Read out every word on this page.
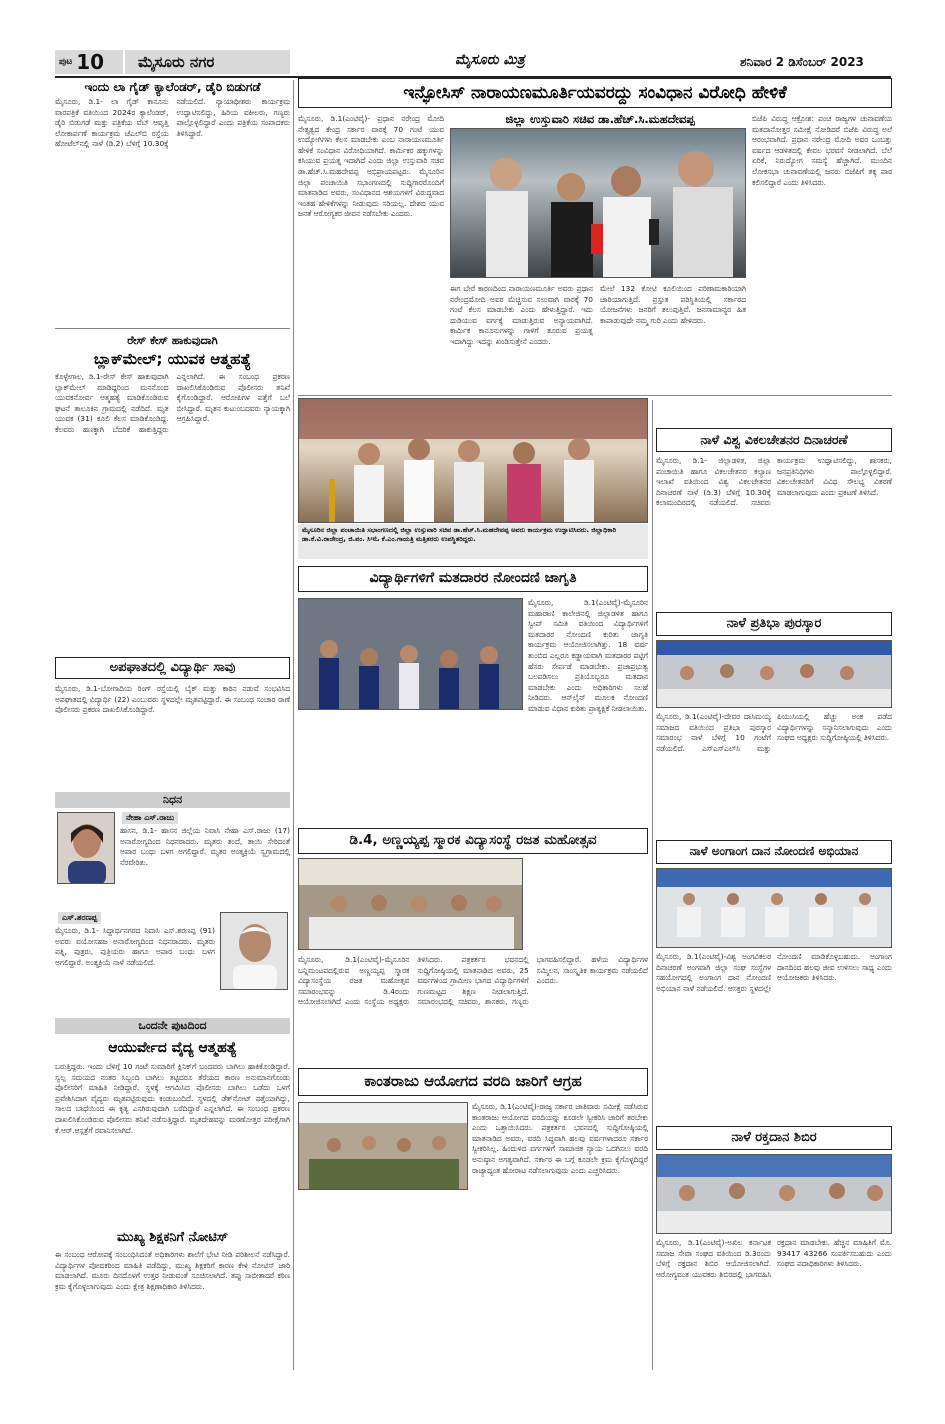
ಪುಟ 10 ಮೈಸೂರು ನಗರ	ಮೈಸೂರು ಮಿತ್ರ	ಶನಿವಾರ 2 ಡಿಸೆಂಬರ್ 2023
ಇನ್ಫೋಸಿಸ್ ನಾರಾಯಣಮೂರ್ತಿಯವರದ್ದು ಸಂವಿಧಾನ ವಿರೋಧಿ ಹೇಳಿಕೆ
ಮೈಸೂರು, ಡಿ.1(ಎಂಟಿವೈ)- ಪ್ರಧಾನ ನರೇಂದ್ರ ಮೋದಿ ನೇತೃತ್ವದ ಕೇಂದ್ರ ಸರ್ಕಾರ ವಾರಕ್ಕೆ 70 ಗಂಟೆ ಯುವ ಉದ್ಯೋಗಿಗಳು ಕೆಲಸ ಮಾಡಬೇಕು ಎಂಬ ನಾರಾಯಣಮೂರ್ತಿ ಹೇಳಿಕೆ ಸಂವಿಧಾನ ವಿರೋಧಿಯಾಗಿದೆ. ಕಾರ್ಮಿಕರ ಹಕ್ಕುಗಳನ್ನು ಕಸಿಯುವ ಪ್ರಯತ್ನ ಇದಾಗಿದೆ ಎಂದು ಜಿಲ್ಲಾ ಉಸ್ತುವಾರಿ ಸಚಿವ ಡಾ.ಹೆಚ್.ಸಿ.ಮಹದೇವಪ್ಪ ಅಭಿಪ್ರಾಯಪಟ್ಟರು. ಮೈಸೂರಿನ ಜಿಲ್ಲಾ ಪಂಚಾಯಿತಿ ಸಭಾಂಗಣದಲ್ಲಿ ಸುದ್ದಿಗಾರರೊಂದಿಗೆ ಮಾತನಾಡಿದ ಅವರು, ಸಂವಿಧಾನದ ಆಶಯಗಳಿಗೆ ವಿರುದ್ಧವಾದ ಇಂತಹ ಹೇಳಿಕೆಗಳನ್ನು ನೀಡುವುದು ಸರಿಯಲ್ಲ. ದೇಶದ ಯುವ ಜನತೆ ಆರೋಗ್ಯಕರ ಜೀವನ ನಡೆಸಬೇಕು ಎಂದರು.
ಜಿಲ್ಲಾ ಉಸ್ತುವಾರಿ ಸಚಿವ ಡಾ.ಹೆಚ್.ಸಿ.ಮಹದೇವಪ್ಪ
ಈಗ ಬೇರೆ ಕಾರಣದಿಂದ ನಾರಾಯಣಮೂರ್ತಿ ಅವರು ಪ್ರಧಾನ ನರೇಂದ್ರಮೋದಿ ಅವರ ಮೆಚ್ಚಿಸುವ ಸಲುವಾಗಿ ವಾರಕ್ಕೆ 70 ಗಂಟೆ ಕೆಲಸ ಮಾಡಬೇಕು ಎಂದು ಹೇಳುತ್ತಿದ್ದಾರೆ. ಇದು ದುಡಿಯುವ ವರ್ಗಕ್ಕೆ ಮಾಡುತ್ತಿರುವ ಅನ್ಯಾಯವಾಗಿದೆ. ಕಾರ್ಮಿಕ ಕಾನೂನುಗಳನ್ನು ಗಾಳಿಗೆ ತೂರುವ ಪ್ರಯತ್ನ ಇದಾಗಿದ್ದು ಇದನ್ನು ಖಂಡಿಸುತ್ತೇನೆ ಎಂದರು.
ಮೇಲೆ 132 ಕೋಟಿ ಕೂಲಿಯಿಂದ ಪರಿಣಾಮಕಾರಿಯಾಗಿ ಜಾರಿಯಾಗುತ್ತಿದೆ. ಪ್ರಸ್ತುತ ಪರಿಸ್ಥಿತಿಯಲ್ಲಿ ಸರ್ಕಾರದ ಯೋಜನೆಗಳು ಜನರಿಗೆ ತಲುಪುತ್ತಿವೆ. ಜನಸಾಮಾನ್ಯರ ಹಿತ ಕಾಪಾಡುವುದೇ ನಮ್ಮ ಗುರಿ ಎಂದು ಹೇಳಿದರು.
ಬಿಜೆಪಿ ವಿರುದ್ಧ ಆಕ್ರೋಶ: ಪಂಚ ರಾಜ್ಯಗಳ ಚುನಾವಣೆಯ ಮತದಾನೋತ್ತರ ಸಮೀಕ್ಷೆ ನೋಡಿದರೆ ಬಿಜೆಪಿ ವಿರುದ್ಧ ಅಲೆ ಆರಂಭವಾಗಿದೆ. ಪ್ರಧಾನ ನರೇಂದ್ರ ಮೋದಿ ಅವರ ಒಂಬತ್ತು ವರ್ಷದ ಆಡಳಿತದಲ್ಲಿ ಕೇವಲ ಭರವಸೆ ನೀಡಲಾಗಿದೆ. ಬೆಲೆ ಏರಿಕೆ, ನಿರುದ್ಯೋಗ ಸಮಸ್ಯೆ ಹೆಚ್ಚಾಗಿದೆ. ಮುಂದಿನ ಲೋಕಸಭಾ ಚುನಾವಣೆಯಲ್ಲಿ ಜನರು ಬಿಜೆಪಿಗೆ ತಕ್ಕ ಪಾಠ ಕಲಿಸಲಿದ್ದಾರೆ ಎಂದು ತಿಳಿಸಿದರು.
ಮೈಸೂರಿನ ಜಿಲ್ಲಾ ಪಂಚಾಯಿತಿ ಸಭಾಂಗಣದಲ್ಲಿ ಜಿಲ್ಲಾ ಉಸ್ತುವಾರಿ ಸಚಿವ ಡಾ.ಹೆಚ್.ಸಿ.ಮಹದೇವಪ್ಪ ಅವರು ಕಾರ್ಯಕ್ರಮ ಉದ್ಘಾಟಿಸಿದರು. ಜಿಲ್ಲಾಧಿಕಾರಿ ಡಾ.ಕೆ.ವಿ.ರಾಜೇಂದ್ರ, ಜಿ.ಪಂ. ಸಿಇಓ ಕೆ.ಎಂ.ಗಾಯತ್ರಿ ಮತ್ತಿತರರು ಉಪಸ್ಥಿತರಿದ್ದರು.
ಇಂದು ಲಾ ಗೈಡ್ ಕ್ಯಾಲೆಂಡರ್, ಡೈರಿ ಬಿಡುಗಡೆ
ಮೈಸೂರು, ಡಿ.1- ಲಾ ಗೈಡ್ ಕಾನೂನು ವಾರಪತ್ರಿಕೆ ವತಿಯಿಂದ 2024ರ ಕ್ಯಾಲೆಂಡರ್, ಡೈರಿ ಬಿಡುಗಡೆ ಮತ್ತು ಪತ್ರಿಕೆಯ ವೆಬ್ ಆವೃತ್ತಿ ಲೋಕಾರ್ಪಣೆ ಕಾರ್ಯಕ್ರಮ ಜೆಎಲ್‌ಬಿ ರಸ್ತೆಯ ಹೋಟೆಲ್‌ನಲ್ಲಿ ನಾಳೆ (ಡಿ.2) ಬೆಳಿಗ್ಗೆ 10.30ಕ್ಕೆ ನಡೆಯಲಿದೆ. ನ್ಯಾಯಾಧೀಶರು ಕಾರ್ಯಕ್ರಮ ಉದ್ಘಾಟಿಸಲಿದ್ದು, ಹಿರಿಯ ವಕೀಲರು, ಗಣ್ಯರು ಪಾಲ್ಗೊಳ್ಳಲಿದ್ದಾರೆ ಎಂದು ಪತ್ರಿಕೆಯ ಸಂಪಾದಕರು ತಿಳಿಸಿದ್ದಾರೆ.
ರೇಸ್ ಕೇಸ್ ಹಾಕುವುದಾಗಿ
ಬ್ಲಾಕ್‌ಮೇಲ್; ಯುವಕ ಆತ್ಮಹತ್ಯೆ
ಕೊಳ್ಳೇಗಾಲ, ಡಿ.1-ರೇಸ್ ಕೇಸ್ ಹಾಕುವುದಾಗಿ ಬ್ಲಾಕ್‌ಮೇಲ್ ಮಾಡಿದ್ದರಿಂದ ಮನನೊಂದ ಯುವಕನೋರ್ವ ಆತ್ಮಹತ್ಯೆ ಮಾಡಿಕೊಂಡಿರುವ ಘಟನೆ ತಾಲೂಕಿನ ಗ್ರಾಮದಲ್ಲಿ ನಡೆದಿದೆ. ಮೃತ ಯುವಕ (31) ಕೂಲಿ ಕೆಲಸ ಮಾಡಿಕೊಂಡಿದ್ದ. ಕೆಲವರು ಹಣಕ್ಕಾಗಿ ಬೆದರಿಕೆ ಹಾಕುತ್ತಿದ್ದರು ಎನ್ನಲಾಗಿದೆ. ಈ ಸಂಬಂಧ ಪ್ರಕರಣ ದಾಖಲಿಸಿಕೊಂಡಿರುವ ಪೊಲೀಸರು ತನಿಖೆ ಕೈಗೊಂಡಿದ್ದಾರೆ. ಆರೋಪಿಗಳ ಪತ್ತೆಗೆ ಬಲೆ ಬೀಸಿದ್ದಾರೆ. ಮೃತನ ಕುಟುಂಬದವರು ನ್ಯಾಯಕ್ಕಾಗಿ ಆಗ್ರಹಿಸಿದ್ದಾರೆ.
ಅಪಘಾತದಲ್ಲಿ ವಿದ್ಯಾರ್ಥಿ ಸಾವು
ಮೈಸೂರು, ಡಿ.1-ಬೋಗಾದಿಯ ರಿಂಗ್ ರಸ್ತೆಯಲ್ಲಿ ಬೈಕ್ ಮತ್ತು ಕಾರಿನ ನಡುವೆ ಸಂಭವಿಸಿದ ಅಪಘಾತದಲ್ಲಿ ವಿದ್ಯಾರ್ಥಿ (22) ಎಂಬುವರು ಸ್ಥಳದಲ್ಲೇ ಮೃತಪಟ್ಟಿದ್ದಾರೆ. ಈ ಸಂಬಂಧ ಸಂಚಾರ ಠಾಣೆ ಪೊಲೀಸರು ಪ್ರಕರಣ ದಾಖಲಿಸಿಕೊಂಡಿದ್ದಾರೆ.
ನಿಧನ
ನೇಹಾ ಎಸ್.ರಾಜು
ಹಾಸನ, ಡಿ.1- ಹಾಸನ ಜಿಲ್ಲೆಯ ನಿವಾಸಿ ನೇಹಾ ಎಸ್.ರಾಜು (17) ಅನಾರೋಗ್ಯದಿಂದ ನಿಧನರಾದರು. ಮೃತರು ತಂದೆ, ತಾಯಿ ಸೇರಿದಂತೆ ಅಪಾರ ಬಂಧು ಬಳಗ ಅಗಲಿದ್ದಾರೆ. ಮೃತರ ಅಂತ್ಯಕ್ರಿಯೆ ಸ್ವಗ್ರಾಮದಲ್ಲಿ ನೆರವೇರಿತು.
ಎಸ್.ಶರಣಪ್ಪ
ಮೈಸೂರು, ಡಿ.1- ಸಿದ್ದಾರ್ಥನಗರದ ನಿವಾಸಿ ಎಸ್.ಶರಣಪ್ಪ (91) ಅವರು ವಯೋಸಹಜ ಅನಾರೋಗ್ಯದಿಂದ ನಿಧನರಾದರು. ಮೃತರು ಪತ್ನಿ, ಪುತ್ರರು, ಪುತ್ರಿಯರು ಹಾಗೂ ಅಪಾರ ಬಂಧು ಬಳಗ ಅಗಲಿದ್ದಾರೆ. ಅಂತ್ಯಕ್ರಿಯೆ ನಾಳೆ ನಡೆಯಲಿದೆ.
ಒಂದನೇ ಪುಟದಿಂದ
ಆಯುರ್ವೇದ ವೈದ್ಯ ಆತ್ಮಹತ್ಯೆ
ಬರುತ್ತಿದ್ದರು. ಇಂದು ಬೆಳಿಗ್ಗೆ 10 ಗಂಟೆ ಸುಮಾರಿಗೆ ಕ್ಲಿನಿಕ್‌ಗೆ ಬಂದವರು ಬಾಗಿಲು ಹಾಕಿಕೊಂಡಿದ್ದಾರೆ. ಸ್ವಲ್ಪ ಸಮಯದ ನಂತರ ಸಿಬ್ಬಂದಿ ಬಾಗಿಲು ತಟ್ಟಿದರೂ ತೆರೆಯದ ಕಾರಣ ಅನುಮಾನಗೊಂಡು ಪೊಲೀಸರಿಗೆ ಮಾಹಿತಿ ನೀಡಿದ್ದಾರೆ. ಸ್ಥಳಕ್ಕೆ ಆಗಮಿಸಿದ ಪೊಲೀಸರು ಬಾಗಿಲು ಒಡೆದು ಒಳಗೆ ಪ್ರವೇಶಿಸಿದಾಗ ವೈದ್ಯರು ಮೃತಪಟ್ಟಿರುವುದು ಕಂಡುಬಂದಿದೆ. ಸ್ಥಳದಲ್ಲಿ ಡೆತ್‌ನೋಟ್ ಪತ್ತೆಯಾಗಿದ್ದು, ಸಾಲದ ಬಾಧೆಯಿಂದ ಈ ಕೃತ್ಯ ಎಸಗಿರುವುದಾಗಿ ಬರೆದಿದ್ದಾರೆ ಎನ್ನಲಾಗಿದೆ. ಈ ಸಂಬಂಧ ಪ್ರಕರಣ ದಾಖಲಿಸಿಕೊಂಡಿರುವ ಪೊಲೀಸರು ತನಿಖೆ ನಡೆಸುತ್ತಿದ್ದಾರೆ. ಮೃತದೇಹವನ್ನು ಮರಣೋತ್ತರ ಪರೀಕ್ಷೆಗಾಗಿ ಕೆ.ಆರ್.ಆಸ್ಪತ್ರೆಗೆ ರವಾನಿಸಲಾಗಿದೆ.
ಮುಖ್ಯ ಶಿಕ್ಷಕನಿಗೆ ನೋಟಿಸ್
ಈ ಸಂಬಂಧ ಆರೋಪಕ್ಕೆ ಸಂಬಂಧಿಸಿದಂತೆ ಅಧಿಕಾರಿಗಳು ಶಾಲೆಗೆ ಭೇಟಿ ನೀಡಿ ಪರಿಶೀಲನೆ ನಡೆಸಿದ್ದಾರೆ. ವಿದ್ಯಾರ್ಥಿಗಳ ಪೋಷಕರಿಂದ ಮಾಹಿತಿ ಪಡೆದಿದ್ದು, ಮುಖ್ಯ ಶಿಕ್ಷಕರಿಗೆ ಕಾರಣ ಕೇಳಿ ನೋಟಿಸ್ ಜಾರಿ ಮಾಡಲಾಗಿದೆ. ಮೂರು ದಿನದೊಳಗೆ ಉತ್ತರ ನೀಡುವಂತೆ ಸೂಚಿಸಲಾಗಿದೆ. ತಪ್ಪು ಸಾಬೀತಾದರೆ ಕಠಿಣ ಕ್ರಮ ಕೈಗೊಳ್ಳಲಾಗುವುದು ಎಂದು ಕ್ಷೇತ್ರ ಶಿಕ್ಷಣಾಧಿಕಾರಿ ತಿಳಿಸಿದರು.
ವಿದ್ಯಾರ್ಥಿಗಳಿಗೆ ಮತದಾರರ ನೋಂದಣಿ ಜಾಗೃತಿ
ಮೈಸೂರು, ಡಿ.1(ಎಂಟಿವೈ)-ಮೈಸೂರಿನ ಮಹಾರಾಣಿ ಕಾಲೇಜಿನಲ್ಲಿ ಜಿಲ್ಲಾಡಳಿತ ಹಾಗೂ ಸ್ವೀಪ್ ಸಮಿತಿ ವತಿಯಿಂದ ವಿದ್ಯಾರ್ಥಿಗಳಿಗೆ ಮತದಾರರ ನೋಂದಣಿ ಕುರಿತು ಜಾಗೃತಿ ಕಾರ್ಯಕ್ರಮ ಆಯೋಜಿಸಲಾಗಿತ್ತು. 18 ವರ್ಷ ತುಂಬಿದ ಎಲ್ಲರೂ ಕಡ್ಡಾಯವಾಗಿ ಮತದಾರರ ಪಟ್ಟಿಗೆ ಹೆಸರು ಸೇರ್ಪಡೆ ಮಾಡಬೇಕು. ಪ್ರಜಾಪ್ರಭುತ್ವ ಬಲಪಡಿಸಲು ಪ್ರತಿಯೊಬ್ಬರೂ ಮತದಾನ ಮಾಡಬೇಕು ಎಂದು ಅಧಿಕಾರಿಗಳು ಸಲಹೆ ನೀಡಿದರು. ಆನ್‌ಲೈನ್ ಮೂಲಕ ನೋಂದಣಿ ಮಾಡುವ ವಿಧಾನ ಕುರಿತು ಪ್ರಾತ್ಯಕ್ಷಿಕೆ ನೀಡಲಾಯಿತು.
ಡಿ.4, ಅಣ್ಣಯ್ಯಪ್ಪ ಸ್ಮಾರಕ ವಿದ್ಯಾಸಂಸ್ಥೆ ರಜತ ಮಹೋತ್ಸವ
ಮೈಸೂರು, ಡಿ.1(ಎಂಟಿವೈ)-ಮೈಸೂರಿನ ಬನ್ನಿಮಂಟಪದಲ್ಲಿರುವ ಅಣ್ಣಯ್ಯಪ್ಪ ಸ್ಮಾರಕ ವಿದ್ಯಾಸಂಸ್ಥೆಯ ರಜತ ಮಹೋತ್ಸವ ಸಮಾರಂಭವನ್ನು ಡಿ.4ರಂದು ಆಯೋಜಿಸಲಾಗಿದೆ ಎಂದು ಸಂಸ್ಥೆಯ ಅಧ್ಯಕ್ಷರು ತಿಳಿಸಿದರು. ಪತ್ರಕರ್ತರ ಭವನದಲ್ಲಿ ಸುದ್ದಿಗೋಷ್ಠಿಯಲ್ಲಿ ಮಾತನಾಡಿದ ಅವರು, 25 ವರ್ಷಗಳಿಂದ ಗ್ರಾಮೀಣ ಭಾಗದ ವಿದ್ಯಾರ್ಥಿಗಳಿಗೆ ಗುಣಮಟ್ಟದ ಶಿಕ್ಷಣ ನೀಡಲಾಗುತ್ತಿದೆ. ಸಮಾರಂಭದಲ್ಲಿ ಸಚಿವರು, ಶಾಸಕರು, ಗಣ್ಯರು ಭಾಗವಹಿಸಲಿದ್ದಾರೆ. ಹಳೆಯ ವಿದ್ಯಾರ್ಥಿಗಳ ಸಮ್ಮಿಲನ, ಸಾಂಸ್ಕೃತಿಕ ಕಾರ್ಯಕ್ರಮ ನಡೆಯಲಿದೆ ಎಂದರು.
ಕಾಂತರಾಜು ಆಯೋಗದ ವರದಿ ಜಾರಿಗೆ ಆಗ್ರಹ
ಮೈಸೂರು, ಡಿ.1(ಎಂಟಿವೈ)-ರಾಜ್ಯ ಸರ್ಕಾರ ಜಾತಿವಾರು ಸಮೀಕ್ಷೆ ನಡೆಸಿರುವ ಕಾಂತರಾಜು ಆಯೋಗದ ವರದಿಯನ್ನು ಕೂಡಲೇ ಸ್ವೀಕರಿಸಿ ಜಾರಿಗೆ ತರಬೇಕು ಎಂದು ಒತ್ತಾಯಿಸಿದರು. ಪತ್ರಕರ್ತರ ಭವನದಲ್ಲಿ ಸುದ್ದಿಗೋಷ್ಠಿಯಲ್ಲಿ ಮಾತನಾಡಿದ ಅವರು, ವರದಿ ಸಿದ್ಧವಾಗಿ ಹಲವು ವರ್ಷಗಳಾದರೂ ಸರ್ಕಾರ ಸ್ವೀಕರಿಸಿಲ್ಲ. ಹಿಂದುಳಿದ ವರ್ಗಗಳಿಗೆ ಸಾಮಾಜಿಕ ನ್ಯಾಯ ಒದಗಿಸಲು ವರದಿ ಅನುಷ್ಠಾನ ಅಗತ್ಯವಾಗಿದೆ. ಸರ್ಕಾರ ಈ ಬಗ್ಗೆ ಕೂಡಲೇ ಕ್ರಮ ಕೈಗೊಳ್ಳದಿದ್ದರೆ ರಾಜ್ಯಾದ್ಯಂತ ಹೋರಾಟ ನಡೆಸಲಾಗುವುದು ಎಂದು ಎಚ್ಚರಿಸಿದರು.
ನಾಳೆ ವಿಶ್ವ ವಿಕಲಚೇತನರ ದಿನಾಚರಣೆ
ಮೈಸೂರು, ಡಿ.1- ಜಿಲ್ಲಾಡಳಿತ, ಜಿಲ್ಲಾ ಪಂಚಾಯಿತಿ ಹಾಗೂ ವಿಕಲಚೇತನರ ಕಲ್ಯಾಣ ಇಲಾಖೆ ವತಿಯಿಂದ ವಿಶ್ವ ವಿಕಲಚೇತನರ ದಿನಾಚರಣೆ ನಾಳೆ (ಡಿ.3) ಬೆಳಿಗ್ಗೆ 10.30ಕ್ಕೆ ಕಲಾಮಂದಿರದಲ್ಲಿ ನಡೆಯಲಿದೆ. ಸಚಿವರು ಕಾರ್ಯಕ್ರಮ ಉದ್ಘಾಟಿಸಲಿದ್ದು, ಶಾಸಕರು, ಜನಪ್ರತಿನಿಧಿಗಳು ಪಾಲ್ಗೊಳ್ಳಲಿದ್ದಾರೆ. ವಿಕಲಚೇತನರಿಗೆ ವಿವಿಧ ಸೌಲಭ್ಯ ವಿತರಣೆ ಮಾಡಲಾಗುವುದು ಎಂದು ಪ್ರಕಟಣೆ ತಿಳಿಸಿದೆ.
ನಾಳೆ ಪ್ರತಿಭಾ ಪುರಸ್ಕಾರ
ಮೈಸೂರು, ಡಿ.1(ಎಂಟಿವೈ)-ದೇವರ ದಾಸಿಮಯ್ಯ ಸಮಾಜದ ವತಿಯಿಂದ ಪ್ರತಿಭಾ ಪುರಸ್ಕಾರ ಸಮಾರಂಭ ನಾಳೆ ಬೆಳಿಗ್ಗೆ 10 ಗಂಟೆಗೆ ನಡೆಯಲಿದೆ. ಎಸ್‌ಎಸ್‌ಎಲ್‌ಸಿ ಮತ್ತು ಪಿಯುಸಿಯಲ್ಲಿ ಹೆಚ್ಚು ಅಂಕ ಪಡೆದ ವಿದ್ಯಾರ್ಥಿಗಳನ್ನು ಸನ್ಮಾನಿಸಲಾಗುವುದು ಎಂದು ಸಂಘದ ಅಧ್ಯಕ್ಷರು ಸುದ್ದಿಗೋಷ್ಠಿಯಲ್ಲಿ ತಿಳಿಸಿದರು.
ನಾಳೆ ಅಂಗಾಂಗ ದಾನ ನೋಂದಣಿ ಅಭಿಯಾನ
ಮೈಸೂರು, ಡಿ.1(ಎಂಟಿವೈ)-ವಿಶ್ವ ಅಂಗವಿಕಲರ ದಿನಾಚರಣೆ ಅಂಗವಾಗಿ ಜಿಲ್ಲಾ ಸಂಘ ಸಂಸ್ಥೆಗಳ ಸಹಯೋಗದಲ್ಲಿ ಅಂಗಾಂಗ ದಾನ ನೋಂದಣಿ ಅಭಿಯಾನ ನಾಳೆ ನಡೆಯಲಿದೆ. ಆಸಕ್ತರು ಸ್ಥಳದಲ್ಲೇ ನೋಂದಣಿ ಮಾಡಿಕೊಳ್ಳಬಹುದು. ಅಂಗಾಂಗ ದಾನದಿಂದ ಹಲವು ಜೀವ ಉಳಿಸಲು ಸಾಧ್ಯ ಎಂದು ಆಯೋಜಕರು ತಿಳಿಸಿದರು.
ನಾಳೆ ರಕ್ತದಾನ ಶಿಬಿರ
ಮೈಸೂರು, ಡಿ.1(ಎಂಟಿವೈ)-ಅಖಿಲ ಕರ್ನಾಟಕ ಸಮಾಜ ಸೇವಾ ಸಂಘದ ವತಿಯಿಂದ ಡಿ.3ರಂದು ಬೆಳಿಗ್ಗೆ ರಕ್ತದಾನ ಶಿಬಿರ ಆಯೋಜಿಸಲಾಗಿದೆ. ಆರೋಗ್ಯವಂತ ಯುವಕರು ಶಿಬಿರದಲ್ಲಿ ಭಾಗವಹಿಸಿ ರಕ್ತದಾನ ಮಾಡಬೇಕು. ಹೆಚ್ಚಿನ ಮಾಹಿತಿಗೆ ಮೊ. 93417 43266 ಸಂಪರ್ಕಿಸಬಹುದು ಎಂದು ಸಂಘದ ಪದಾಧಿಕಾರಿಗಳು ತಿಳಿಸಿದರು.
